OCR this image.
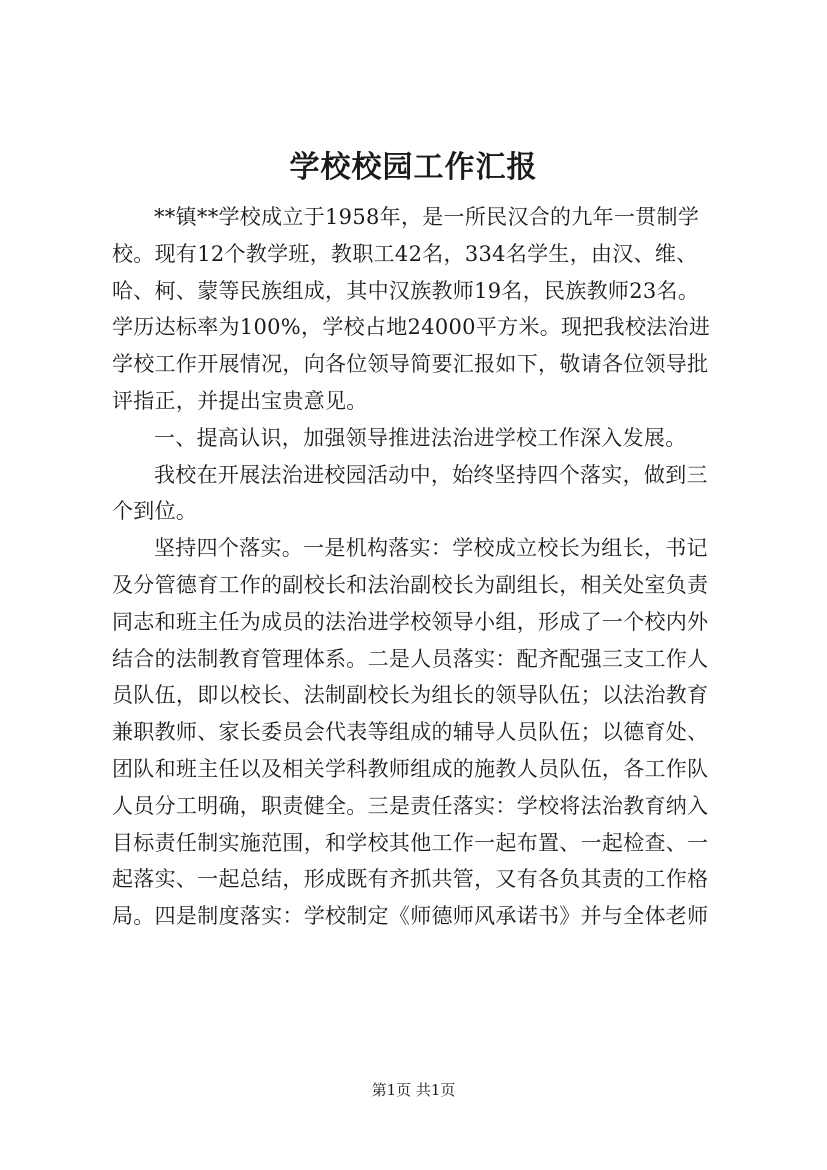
学校校园工作汇报
**镇**学校成立于1958年，是一所民汉合的九年一贯制学
校。现有12个教学班，教职工42名，334名学生，由汉、维、
哈、柯、蒙等民族组成，其中汉族教师19名，民族教师23名。
学历达标率为100%，学校占地24000平方米。现把我校法治进
学校工作开展情况，向各位领导简要汇报如下，敬请各位领导批
评指正，并提出宝贵意见。
一、提高认识，加强领导推进法治进学校工作深入发展。
我校在开展法治进校园活动中，始终坚持四个落实，做到三
个到位。
坚持四个落实。一是机构落实：学校成立校长为组长，书记
及分管德育工作的副校长和法治副校长为副组长，相关处室负责
同志和班主任为成员的法治进学校领导小组，形成了一个校内外
结合的法制教育管理体系。二是人员落实：配齐配强三支工作人
员队伍，即以校长、法制副校长为组长的领导队伍；以法治教育
兼职教师、家长委员会代表等组成的辅导人员队伍；以德育处、
团队和班主任以及相关学科教师组成的施教人员队伍，各工作队
人员分工明确，职责健全。三是责任落实：学校将法治教育纳入
目标责任制实施范围，和学校其他工作一起布置、一起检查、一
起落实、一起总结，形成既有齐抓共管，又有各负其责的工作格
局。四是制度落实：学校制定《师德师风承诺书》并与全体老师
第1页 共1页
